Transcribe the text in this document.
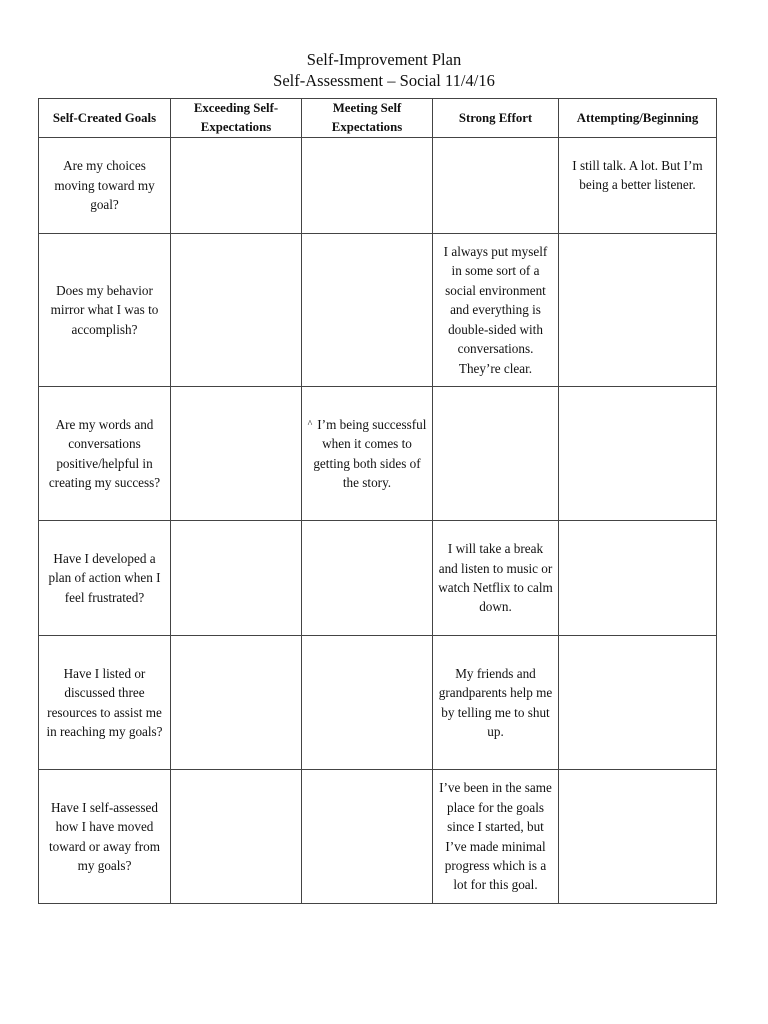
Self-Improvement Plan
Self-Assessment – Social 11/4/16
Self-Created Goals	Exceeding Self-Expectations	Meeting Self Expectations	Strong Effort	Attempting/Beginning
Are my choices moving toward my goal?				I still talk. A lot. But I’m being a better listener.
Does my behavior mirror what I was to accomplish?			I always put myself in some sort of a social environment and everything is double-sided with conversations. They’re clear.	
Are my words and conversations positive/helpful in creating my success?		^ I’m being successful when it comes to getting both sides of the story.		
Have I developed a plan of action when I feel frustrated?			I will take a break and listen to music or watch Netflix to calm down.	
Have I listed or discussed three resources to assist me in reaching my goals?			My friends and grandparents help me by telling me to shut up.	
Have I self-assessed how I have moved toward or away from my goals?			I’ve been in the same place for the goals since I started, but I’ve made minimal progress which is a lot for this goal.	
